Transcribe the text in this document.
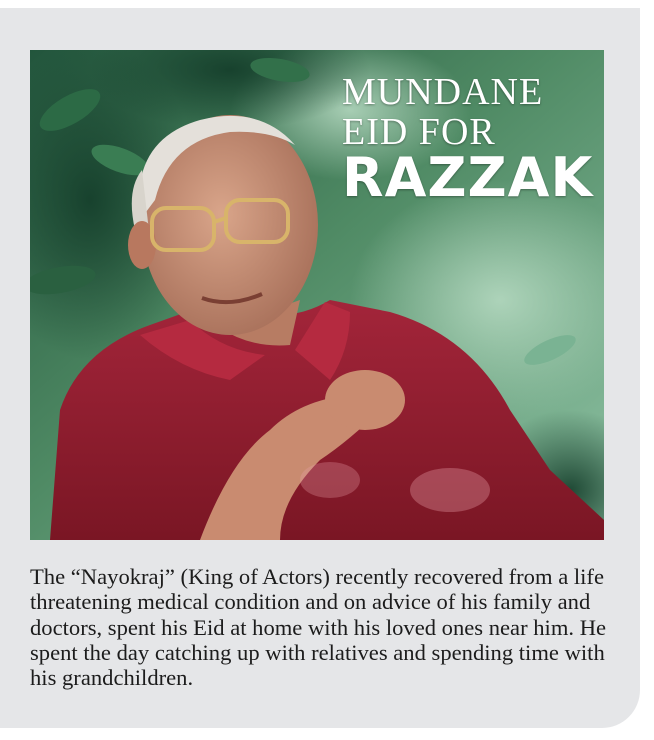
MUNDANE
EID FOR
RAZZAK

The “Nayokraj” (King of Actors) recently recovered from a life threatening medical condition and on advice of his family and doctors, spent his Eid at home with his loved ones near him. He spent the day catching up with relatives and spending time with his grandchildren.
